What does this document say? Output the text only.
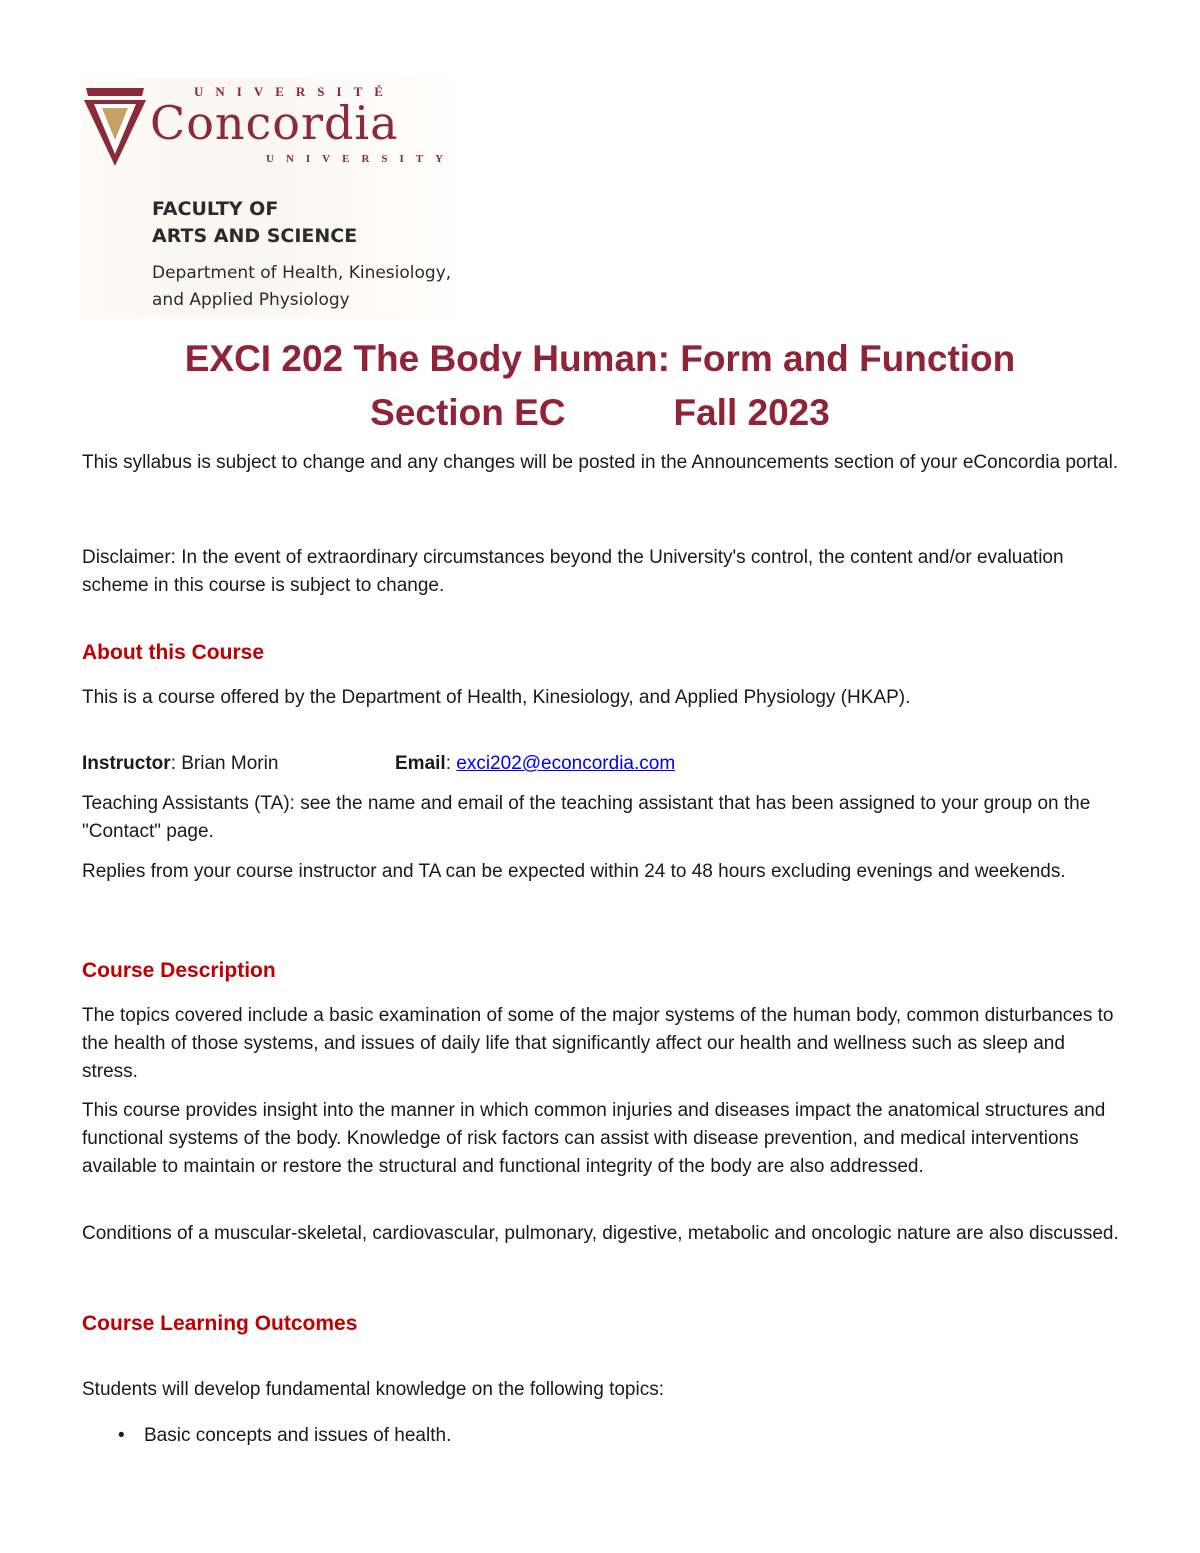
UNIVERSITÉ
Concordia
UNIVERSITY
FACULTY OF
ARTS AND SCIENCE
Department of Health, Kinesiology,
and Applied Physiology
EXCI 202 The Body Human: Form and Function
Section EC	Fall 2023
This syllabus is subject to change and any changes will be posted in the Announcements section of your eConcordia portal.
Disclaimer: In the event of extraordinary circumstances beyond the University's control, the content and/or evaluation scheme in this course is subject to change.
About this Course
This is a course offered by the Department of Health, Kinesiology, and Applied Physiology (HKAP).
Instructor: Brian Morin	Email: exci202@econcordia.com
Teaching Assistants (TA): see the name and email of the teaching assistant that has been assigned to your group on the "Contact" page.
Replies from your course instructor and TA can be expected within 24 to 48 hours excluding evenings and weekends.
Course Description
The topics covered include a basic examination of some of the major systems of the human body, common disturbances to the health of those systems, and issues of daily life that significantly affect our health and wellness such as sleep and stress.
This course provides insight into the manner in which common injuries and diseases impact the anatomical structures and functional systems of the body. Knowledge of risk factors can assist with disease prevention, and medical interventions available to maintain or restore the structural and functional integrity of the body are also addressed.
Conditions of a muscular-skeletal, cardiovascular, pulmonary, digestive, metabolic and oncologic nature are also discussed.
Course Learning Outcomes
Students will develop fundamental knowledge on the following topics:
• Basic concepts and issues of health.
